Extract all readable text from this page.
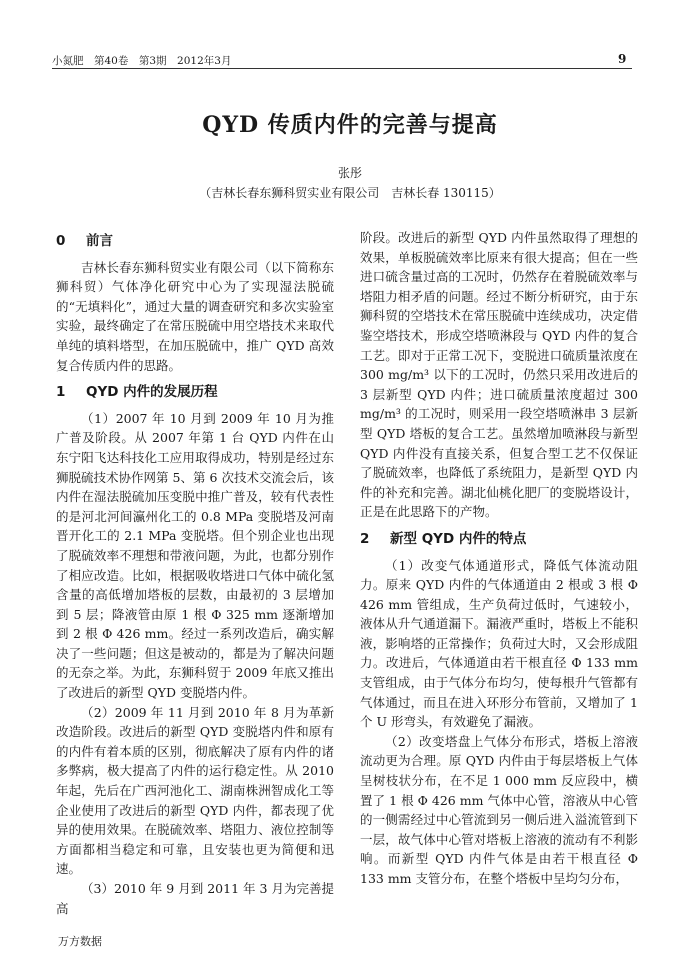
小氮肥　第40卷　第3期　2012年3月	9
QYD 传质内件的完善与提高
张彤
（吉林长春东狮科贸实业有限公司　吉林长春 130115）
0 前言

吉林长春东狮科贸实业有限公司（以下简称东狮科贸）气体净化研究中心为了实现湿法脱硫的“无填料化”，通过大量的调查研究和多次实验室实验，最终确定了在常压脱硫中用空塔技术来取代单纯的填料塔型，在加压脱硫中，推广 QYD 高效复合传质内件的思路。

1 QYD 内件的发展历程

（1）2007 年 10 月到 2009 年 10 月为推广普及阶段。从 2007 年第 1 台 QYD 内件在山东宁阳飞达科技化工应用取得成功，特别是经过东狮脱硫技术协作网第 5、第 6 次技术交流会后，该内件在湿法脱硫加压变脱中推广普及，较有代表性的是河北河间瀛州化工的 0.8 MPa 变脱塔及河南晋开化工的 2.1 MPa 变脱塔。但个别企业也出现了脱硫效率不理想和带液问题，为此，也都分别作了相应改造。比如，根据吸收塔进口气体中硫化氢含量的高低增加塔板的层数，由最初的 3 层增加到 5 层；降液管由原 1 根 Φ 325 mm 逐渐增加到 2 根 Φ 426 mm。经过一系列改造后，确实解决了一些问题；但这是被动的，都是为了解决问题的无奈之举。为此，东狮科贸于 2009 年底又推出了改进后的新型 QYD 变脱塔内件。

（2）2009 年 11 月到 2010 年 8 月为革新改造阶段。改进后的新型 QYD 变脱塔内件和原有的内件有着本质的区别，彻底解决了原有内件的诸多弊病，极大提高了内件的运行稳定性。从 2010 年起，先后在广西河池化工、湖南株洲智成化工等企业使用了改进后的新型 QYD 内件，都表现了优异的使用效果。在脱硫效率、塔阻力、液位控制等方面都相当稳定和可靠，且安装也更为简便和迅速。

（3）2010 年 9 月到 2011 年 3 月为完善提高

阶段。改进后的新型 QYD 内件虽然取得了理想的效果，单板脱硫效率比原来有很大提高；但在一些进口硫含量过高的工况时，仍然存在着脱硫效率与塔阻力相矛盾的问题。经过不断分析研究，由于东狮科贸的空塔技术在常压脱硫中连续成功，决定借鉴空塔技术，形成空塔喷淋段与 QYD 内件的复合工艺。即对于正常工况下，变脱进口硫质量浓度在 300 mg/m³ 以下的工况时，仍然只采用改进后的 3 层新型 QYD 内件；进口硫质量浓度超过 300 mg/m³ 的工况时，则采用一段空塔喷淋串 3 层新型 QYD 塔板的复合工艺。虽然增加喷淋段与新型 QYD 内件没有直接关系，但复合型工艺不仅保证了脱硫效率，也降低了系统阻力，是新型 QYD 内件的补充和完善。湖北仙桃化肥厂的变脱塔设计，正是在此思路下的产物。

2 新型 QYD 内件的特点

（1）改变气体通道形式，降低气体流动阻力。原来 QYD 内件的气体通道由 2 根或 3 根 Φ 426 mm 管组成，生产负荷过低时，气速较小，液体从升气通道漏下。漏液严重时，塔板上不能积液，影响塔的正常操作；负荷过大时，又会形成阻力。改进后，气体通道由若干根直径 Φ 133 mm 支管组成，由于气体分布均匀，使每根升气管都有气体通过，而且在进入环形分布管前，又增加了 1 个 U 形弯头，有效避免了漏液。

（2）改变塔盘上气体分布形式，塔板上溶液流动更为合理。原 QYD 内件由于每层塔板上气体呈树枝状分布，在不足 1 000 mm 反应段中，横置了 1 根 Φ 426 mm 气体中心管，溶液从中心管的一侧需经过中心管流到另一侧后进入溢流管到下一层，故气体中心管对塔板上溶液的流动有不利影响。而新型 QYD 内件气体是由若干根直径 Φ 133 mm 支管分布，在整个塔板中呈均匀分布，

万方数据
